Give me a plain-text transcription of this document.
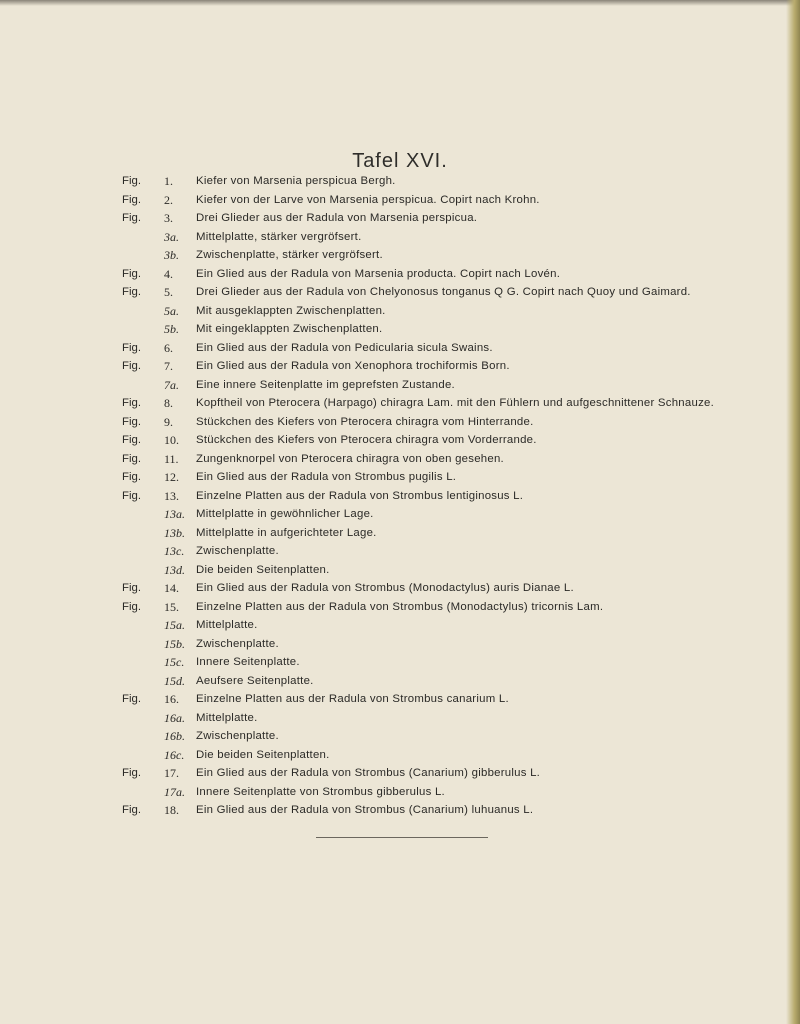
Tafel XVI.
Fig.	1.	Kiefer von Marsenia perspicua Bergh.
Fig.	2.	Kiefer von der Larve von Marsenia perspicua. Copirt nach Krohn.
Fig.	3.	Drei Glieder aus der Radula von Marsenia perspicua.
3a.	Mittelplatte, stärker vergröfsert.
3b.	Zwischenplatte, stärker vergröfsert.
Fig.	4.	Ein Glied aus der Radula von Marsenia producta. Copirt nach Lovén.
Fig.	5.	Drei Glieder aus der Radula von Chelyonosus tonganus Q G. Copirt nach Quoy und Gaimard.
5a.	Mit ausgeklappten Zwischenplatten.
5b.	Mit eingeklappten Zwischenplatten.
Fig.	6.	Ein Glied aus der Radula von Pedicularia sicula Swains.
Fig.	7.	Ein Glied aus der Radula von Xenophora trochiformis Born.
7a.	Eine innere Seitenplatte im geprefsten Zustande.
Fig.	8.	Kopftheil von Pterocera (Harpago) chiragra Lam. mit den Fühlern und aufgeschnittener Schnauze.
Fig.	9.	Stückchen des Kiefers von Pterocera chiragra vom Hinterrande.
Fig.	10.	Stückchen des Kiefers von Pterocera chiragra vom Vorderrande.
Fig.	11.	Zungenknorpel von Pterocera chiragra von oben gesehen.
Fig.	12.	Ein Glied aus der Radula von Strombus pugilis L.
Fig.	13.	Einzelne Platten aus der Radula von Strombus lentiginosus L.
13a. Mittelplatte in gewöhnlicher Lage.
13b. Mittelplatte in aufgerichteter Lage.
13c.	Zwischenplatte.
13d. Die beiden Seitenplatten.
Fig.	14.	Ein Glied aus der Radula von Strombus (Monodactylus) auris Dianae L.
Fig.	15.	Einzelne Platten aus der Radula von Strombus (Monodactylus) tricornis Lam.
15a. Mittelplatte.
15b. Zwischenplatte.
15c.	Innere Seitenplatte.
15d. Aeufsere Seitenplatte.
Fig.	16.	Einzelne Platten aus der Radula von Strombus canarium L.
16a. Mittelplatte.
16b. Zwischenplatte.
16c.	Die beiden Seitenplatten.
Fig.	17.	Ein Glied aus der Radula von Strombus (Canarium) gibberulus L.
17a. Innere Seitenplatte von Strombus gibberulus L.
Fig.	18.	Ein Glied aus der Radula von Strombus (Canarium) luhuanus L.
